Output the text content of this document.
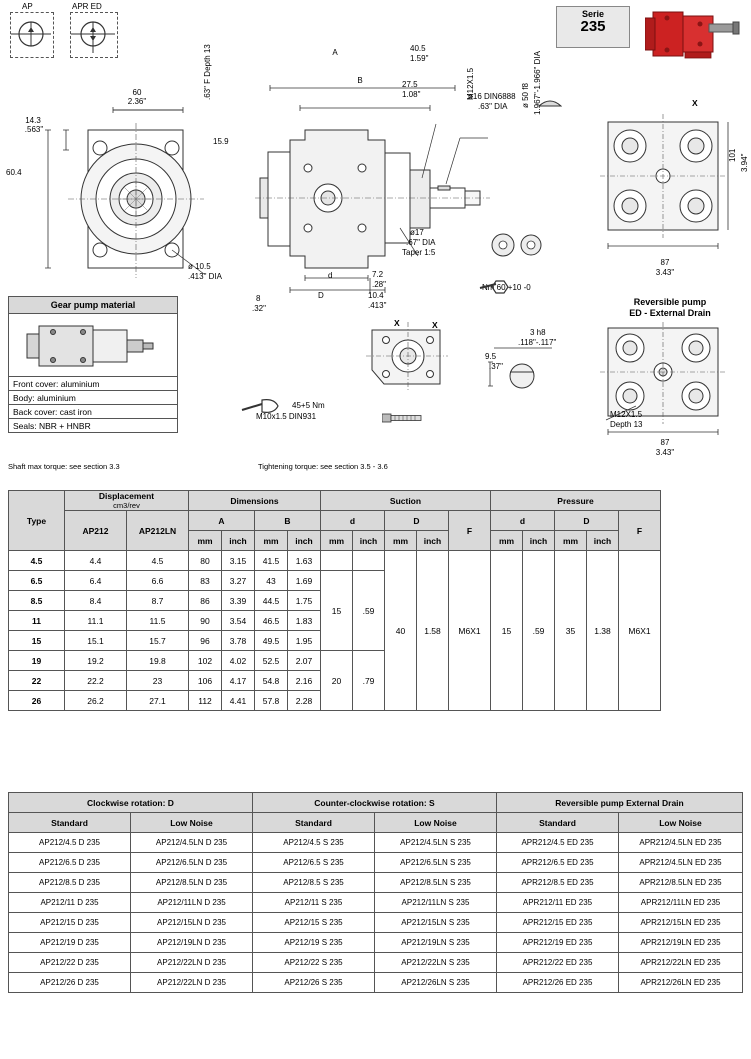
AP	APR ED
Serie
235
60
2.36"
14.3
.563"
60.4
ø 10.5
.413" DIA
A
B
40.5
1.59"
27.5
1.08"
15.9
.63" F Depth 13	ø16 DIN6888
.63" DIA
M12X1.5	ø 50 f8 1.967"-1.966" DIA
ø17
.67" DIA
Taper 1:5
Nm 60 +10 -0
7.2
.28"
10.4
.413"
8
.32"
D
d
X	X
45+5 Nm
M10x1.5 DIN931
3 h8
.118"-.117"
9.5
.37"
X
101 3.94"
87
3.43"
Reversible pump
ED - External Drain
M12X1.5
Depth 13
87
3.43"
Gear pump material
Front cover: aluminium
Body: aluminium
Back cover: cast iron
Seals: NBR + HNBR
Shaft max torque: see section 3.3	Tightening torque: see section 3.5 - 3.6
Type	Displacement
cm3/rev		Dimensions				Suction					Pressure				
	AP212	AP212LN	A		B		d		D		F	d		D		F
			mm	inch	mm	inch	mm	inch	mm	inch		mm	inch	mm	inch	
4.5	4.4	4.5	80	3.15	41.5	1.63			40	1.58	M6X1	15	.59	35	1.38	M6X1
6.5	6.4	6.6	83	3.27	43	1.69	15	.59								
8.5	8.4	8.7	86	3.39	44.5	1.75										
11	11.1	11.5	90	3.54	46.5	1.83										
15	15.1	15.7	96	3.78	49.5	1.95										
19	19.2	19.8	102	4.02	52.5	2.07	20	.79								
22	22.2	23	106	4.17	54.8	2.16										
26	26.2	27.1	112	4.41	57.8	2.28										
Clockwise rotation: D		Counter-clockwise rotation: S		Reversible pump External Drain	
Standard	Low Noise	Standard	Low Noise	Standard	Low Noise
AP212/4.5 D 235	AP212/4.5LN D 235	AP212/4.5 S 235	AP212/4.5LN S 235	APR212/4.5 ED 235	APR212/4.5LN ED 235
AP212/6.5 D 235	AP212/6.5LN D 235	AP212/6.5 S 235	AP212/6.5LN S 235	APR212/6.5 ED 235	APR212/4.5LN ED 235
AP212/8.5 D 235	AP212/8.5LN D 235	AP212/8.5 S 235	AP212/8.5LN S 235	APR212/8.5 ED 235	APR212/8.5LN ED 235
AP212/11 D 235	AP212/11LN D 235	AP212/11 S 235	AP212/11LN S 235	APR212/11 ED 235	APR212/11LN ED 235
AP212/15 D 235	AP212/15LN D 235	AP212/15 S 235	AP212/15LN S 235	APR212/15 ED 235	APR212/15LN ED 235
AP212/19 D 235	AP212/19LN D 235	AP212/19 S 235	AP212/19LN S 235	APR212/19 ED 235	APR212/19LN ED 235
AP212/22 D 235	AP212/22LN D 235	AP212/22 S 235	AP212/22LN S 235	APR212/22 ED 235	APR212/22LN ED 235
AP212/26 D 235	AP212/22LN D 235	AP212/26 S 235	AP212/26LN S 235	APR212/26 ED 235	APR212/26LN ED 235
